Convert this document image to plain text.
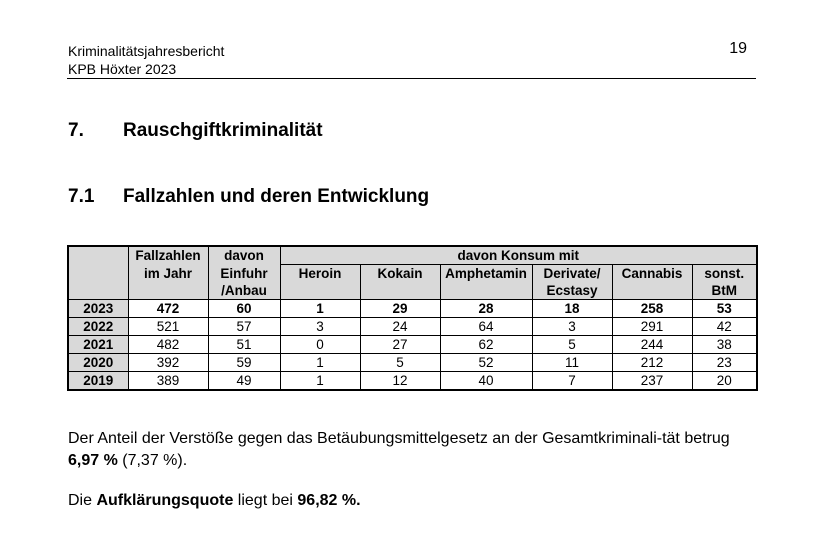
Kriminalitätsjahresbericht
KPB Höxter 2023
19
7. Rauschgiftkriminalität
7.1 Fallzahlen und deren Entwicklung
	Fallzahlen	davon	davon Konsum mit					
	im Jahr	Einfuhr	Heroin	Kokain	Amphetamin	Derivate/	Cannabis	sonst.
		/Anbau				Ecstasy		BtM
2023	472	60	1	29	28	18	258	53
2022	521	57	3	24	64	3	291	42
2021	482	51	0	27	62	5	244	38
2020	392	59	1	5	52	11	212	23
2019	389	49	1	12	40	7	237	20
Der Anteil der Verstöße gegen das Betäubungsmittelgesetz an der Gesamtkriminali-tät betrug 6,97 % (7,37 %).
Die Aufklärungsquote liegt bei 96,82 %.
